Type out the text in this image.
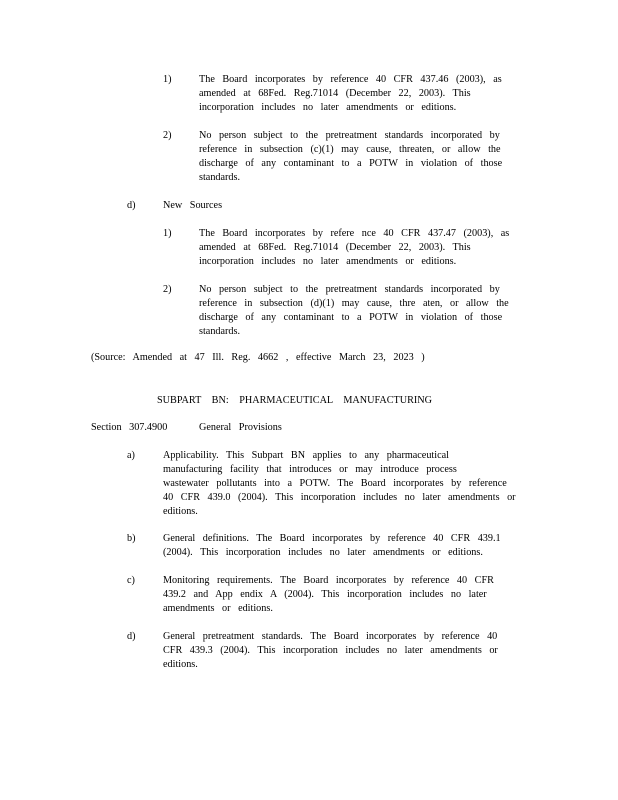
1)	The Board incorporates by reference 40 CFR 437.46 (2003), as
amended at 68Fed. Reg.71014 (December 22, 2003). This
incorporation includes no later amendments or editions.
2)	No person subject to the pretreatment standards incorporated by
reference in subsection (c)(1) may cause, threaten, or allow the
discharge of any contaminant to a POTW in violation of those
standards.
d)	New Sources
1)	The Board incorporates by refere nce 40 CFR 437.47 (2003), as
amended at 68Fed. Reg.71014 (December 22, 2003). This
incorporation includes no later amendments or editions.
2)	No person subject to the pretreatment standards incorporated by
reference in subsection (d)(1) may cause, thre aten, or allow the
discharge of any contaminant to a POTW in violation of those
standards.
(Source: Amended at 47 Ill. Reg. 4662 , effective March 23, 2023 )
SUBPART BN: PHARMACEUTICAL MANUFACTURING
Section 307.4900	General Provisions
a)	Applicability. This Subpart BN applies to any pharmaceutical
manufacturing facility that introduces or may introduce process
wastewater pollutants into a POTW. The Board incorporates by reference
40 CFR 439.0 (2004). This incorporation includes no later amendments or
editions.
b)	General definitions. The Board incorporates by reference 40 CFR 439.1
(2004). This incorporation includes no later amendments or editions.
c)	Monitoring requirements. The Board incorporates by reference 40 CFR
439.2 and App endix A (2004). This incorporation includes no later
amendments or editions.
d)	General pretreatment standards. The Board incorporates by reference 40
CFR 439.3 (2004). This incorporation includes no later amendments or
editions.
